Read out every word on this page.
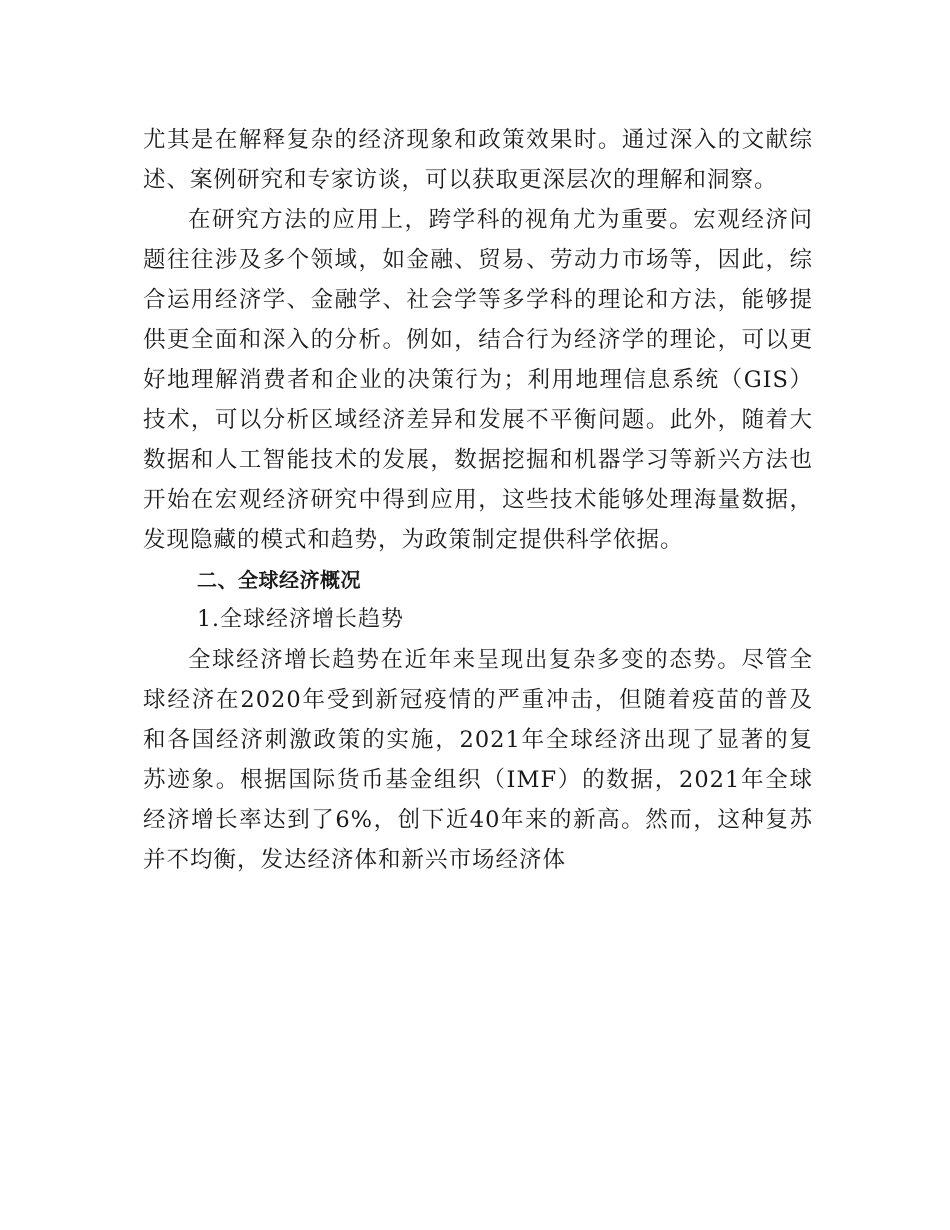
尤其是在解释复杂的经济现象和政策效果时。通过深入的文献综述、案例研究和专家访谈，可以获取更深层次的理解和洞察。

在研究方法的应用上，跨学科的视角尤为重要。宏观经济问题往往涉及多个领域，如金融、贸易、劳动力市场等，因此，综合运用经济学、金融学、社会学等多学科的理论和方法，能够提供更全面和深入的分析。例如，结合行为经济学的理论，可以更好地理解消费者和企业的决策行为；利用地理信息系统（GIS）技术，可以分析区域经济差异和发展不平衡问题。此外，随着大数据和人工智能技术的发展，数据挖掘和机器学习等新兴方法也开始在宏观经济研究中得到应用，这些技术能够处理海量数据，发现隐藏的模式和趋势，为政策制定提供科学依据。

二、全球经济概况

1.全球经济增长趋势

全球经济增长趋势在近年来呈现出复杂多变的态势。尽管全球经济在2020年受到新冠疫情的严重冲击，但随着疫苗的普及和各国经济刺激政策的实施，2021年全球经济出现了显著的复苏迹象。根据国际货币基金组织（IMF）的数据，2021年全球经济增长率达到了6%，创下近40年来的新高。然而，这种复苏并不均衡，发达经济体和新兴市场经济体
